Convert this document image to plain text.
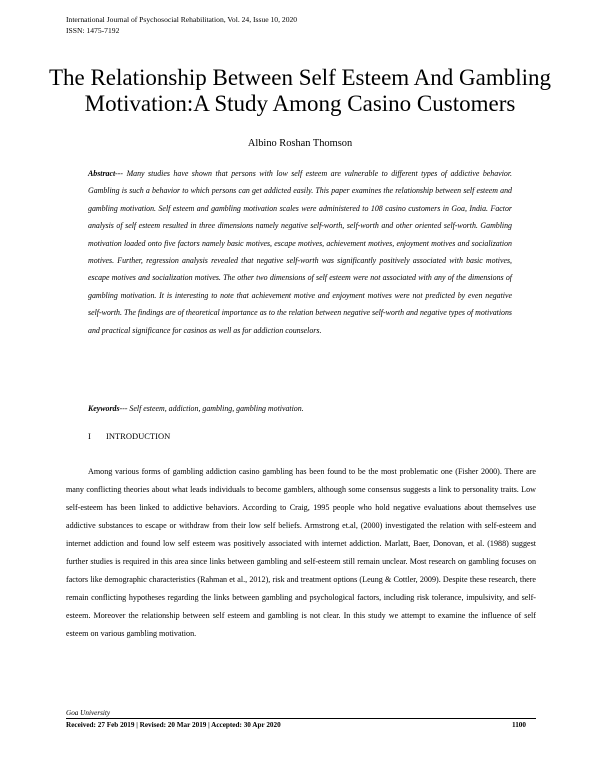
International Journal of Psychosocial Rehabilitation, Vol. 24, Issue 10, 2020
ISSN: 1475-7192
The Relationship Between Self Esteem And Gambling Motivation:A Study Among Casino Customers
Albino Roshan Thomson
Abstract--- Many studies have shown that persons with low self esteem are vulnerable to different types of addictive behavior. Gambling is such a behavior to which persons can get addicted easily. This paper examines the relationship between self esteem and gambling motivation. Self esteem and gambling motivation scales were administered to 108 casino customers in Goa, India. Factor analysis of self esteem resulted in three dimensions namely negative self-worth, self-worth and other oriented self-worth. Gambling motivation loaded onto five factors namely basic motives, escape motives, achievement motives, enjoyment motives and socialization motives. Further, regression analysis revealed that negative self-worth was significantly positively associated with basic motives, escape motives and socialization motives. The other two dimensions of self esteem were not associated with any of the dimensions of gambling motivation. It is interesting to note that achievement motive and enjoyment motives were not predicted by even negative self-worth. The findings are of theoretical importance as to the relation between negative self-worth and negative types of motivations and practical significance for casinos as well as for addiction counselors.
Keywords--- Self esteem, addiction, gambling, gambling motivation.
I INTRODUCTION

Among various forms of gambling addiction casino gambling has been found to be the most problematic one (Fisher 2000). There are many conflicting theories about what leads individuals to become gamblers, although some consensus suggests a link to personality traits. Low self-esteem has been linked to addictive behaviors. According to Craig, 1995 people who hold negative evaluations about themselves use addictive substances to escape or withdraw from their low self beliefs. Armstrong et.al, (2000) investigated the relation with self-esteem and internet addiction and found low self esteem was positively associated with internet addiction. Marlatt, Baer, Donovan, et al. (1988) suggest further studies is required in this area since links between gambling and self-esteem still remain unclear. Most research on gambling focuses on factors like demographic characteristics (Rahman et al., 2012), risk and treatment options (Leung & Cottler, 2009). Despite these research, there remain conflicting hypotheses regarding the links between gambling and psychological factors, including risk tolerance, impulsivity, and self-esteem. Moreover the relationship between self esteem and gambling is not clear. In this study we attempt to examine the influence of self esteem on various gambling motivation.

Goa University
Received: 27 Feb 2019 | Revised: 20 Mar 2019 | Accepted: 30 Apr 2020	1100
